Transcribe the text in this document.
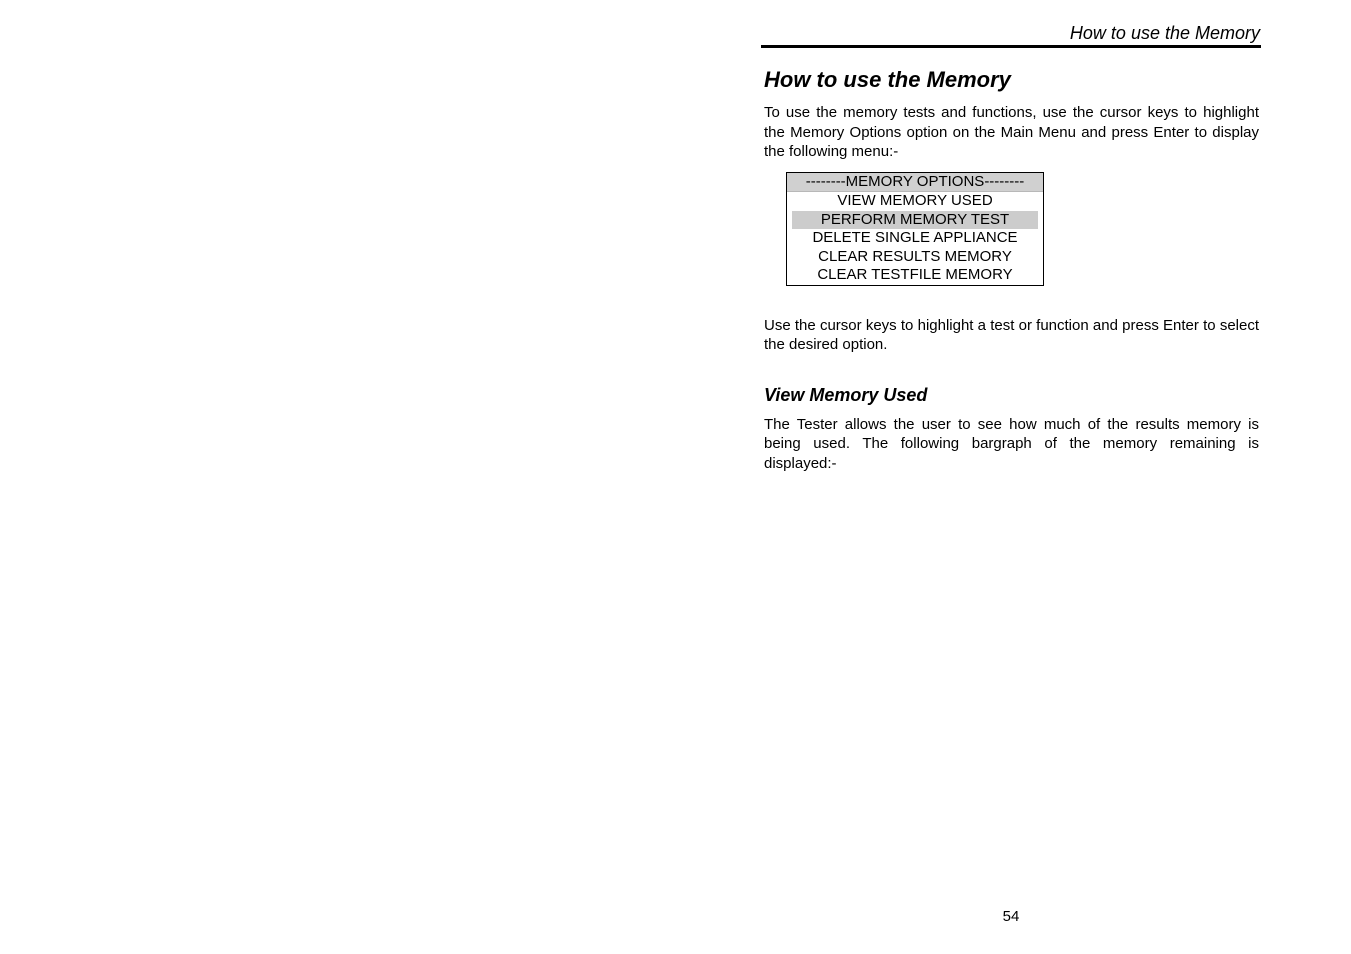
How to use the Memory
How to use the Memory

To use the memory tests and functions, use the cursor keys to highlight the Memory Options option on the Main Menu and press Enter to display the following menu:-

--------MEMORY OPTIONS--------
VIEW MEMORY USED
PERFORM MEMORY TEST
DELETE SINGLE APPLIANCE
CLEAR RESULTS MEMORY
CLEAR TESTFILE MEMORY

Use the cursor keys to highlight a test or function and press Enter to select the desired option.

View Memory Used

The Tester allows the user to see how much of the results memory is being used. The following bargraph of the memory remaining is displayed:-

54
